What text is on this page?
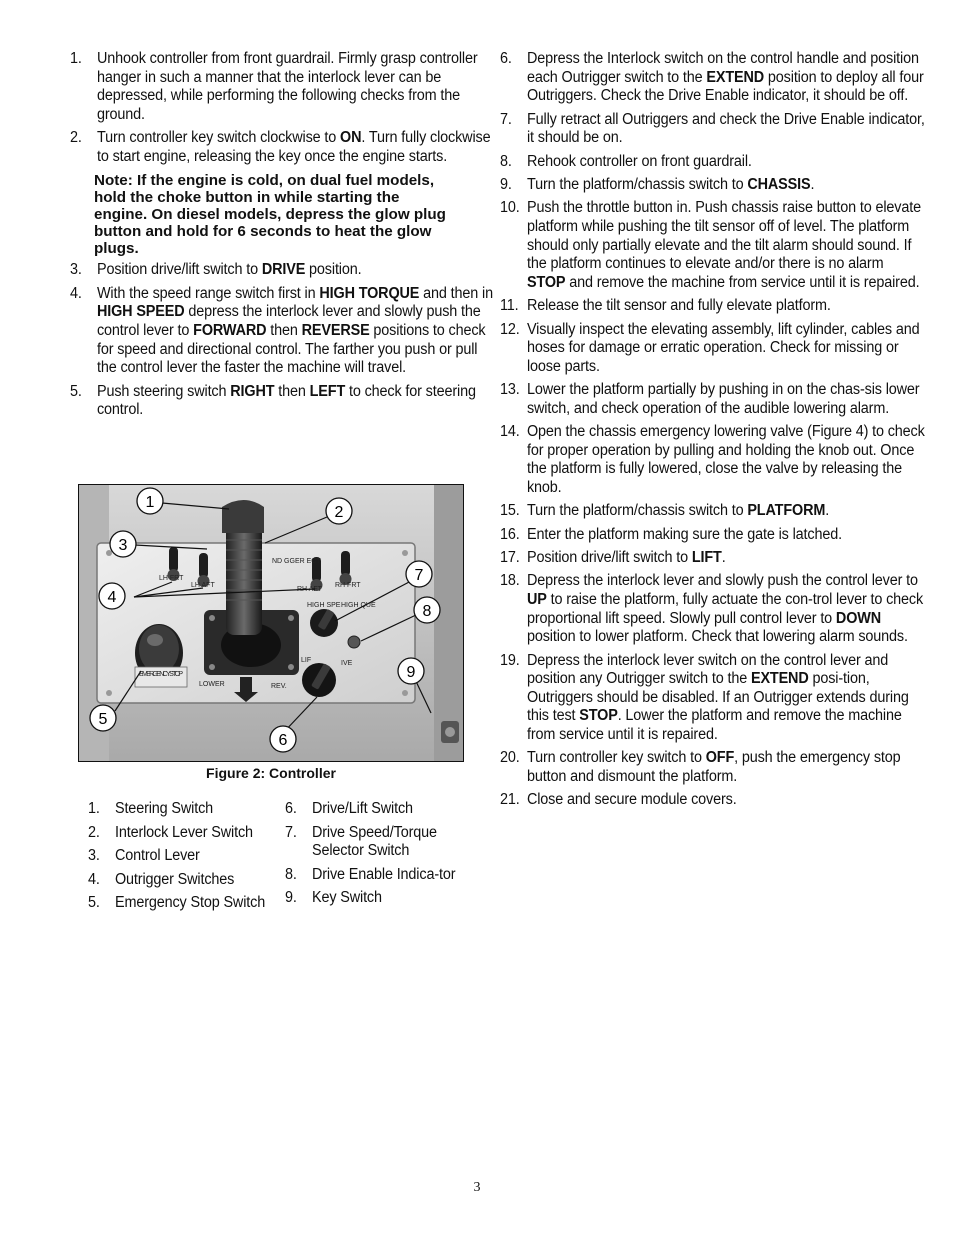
1. Unhook controller from front guardrail. Firmly grasp controller hanger in such a manner that the interlock lever can be depressed, while performing the following checks from the ground.
2. Turn controller key switch clockwise to ON. Turn fully clockwise to start engine, releasing the key once the engine starts.
Note: If the engine is cold, on dual fuel models, hold the choke button in while starting the engine. On diesel models, depress the glow plug button and hold for 6 seconds to heat the glow plugs.
3. Position drive/lift switch to DRIVE position.
4. With the speed range switch first in HIGH TORQUE and then in HIGH SPEED depress the interlock lever and slowly push the control lever to FORWARD then REVERSE positions to check for speed and directional control. The farther you push or pull the control lever the faster the machine will travel.
5. Push steering switch RIGHT then LEFT to check for steering control.
LH FRT
LH AFT
RH AFT
RH FRT
ND GGER ECT
LOWER	REV.
EMERGENCY STOP
HIGH SPE HIGH QUE
LIF	IVE
1
2
3
4
5
6
7
8
9
Figure 2: Controller
1. Steering Switch
2. Interlock Lever Switch
3. Control Lever
4. Outrigger Switches
5. Emergency Stop Switch
6. Drive/Lift Switch
7. Drive Speed/Torque Selector Switch
8. Drive Enable Indica-tor
9. Key Switch
6. Depress the Interlock switch on the control handle and position each Outrigger switch to the EXTEND position to deploy all four Outriggers. Check the Drive Enable indicator, it should be off.
7. Fully retract all Outriggers and check the Drive Enable indicator, it should be on.
8. Rehook controller on front guardrail.
9. Turn the platform/chassis switch to CHASSIS.
10. Push the throttle button in. Push chassis raise button to elevate platform while pushing the tilt sensor off of level. The platform should only partially elevate and the tilt alarm should sound. If the platform continues to elevate and/or there is no alarm STOP and remove the machine from service until it is repaired.
11. Release the tilt sensor and fully elevate platform.
12. Visually inspect the elevating assembly, lift cylinder, cables and hoses for damage or erratic operation. Check for missing or loose parts.
13. Lower the platform partially by pushing in on the chas-sis lower switch, and check operation of the audible lowering alarm.
14. Open the chassis emergency lowering valve (Figure 4) to check for proper operation by pulling and holding the knob out. Once the platform is fully lowered, close the valve by releasing the knob.
15. Turn the platform/chassis switch to PLATFORM.
16. Enter the platform making sure the gate is latched.
17. Position drive/lift switch to LIFT.
18. Depress the interlock lever and slowly push the control lever to UP to raise the platform, fully actuate the con-trol lever to check proportional lift speed. Slowly pull control lever to DOWN position to lower platform. Check that lowering alarm sounds.
19. Depress the interlock lever switch on the control lever and position any Outrigger switch to the EXTEND posi-tion, Outriggers should be disabled. If an Outrigger extends during this test STOP. Lower the platform and remove the machine from service until it is repaired.
20. Turn controller key switch to OFF, push the emergency stop button and dismount the platform.
21. Close and secure module covers.
3
